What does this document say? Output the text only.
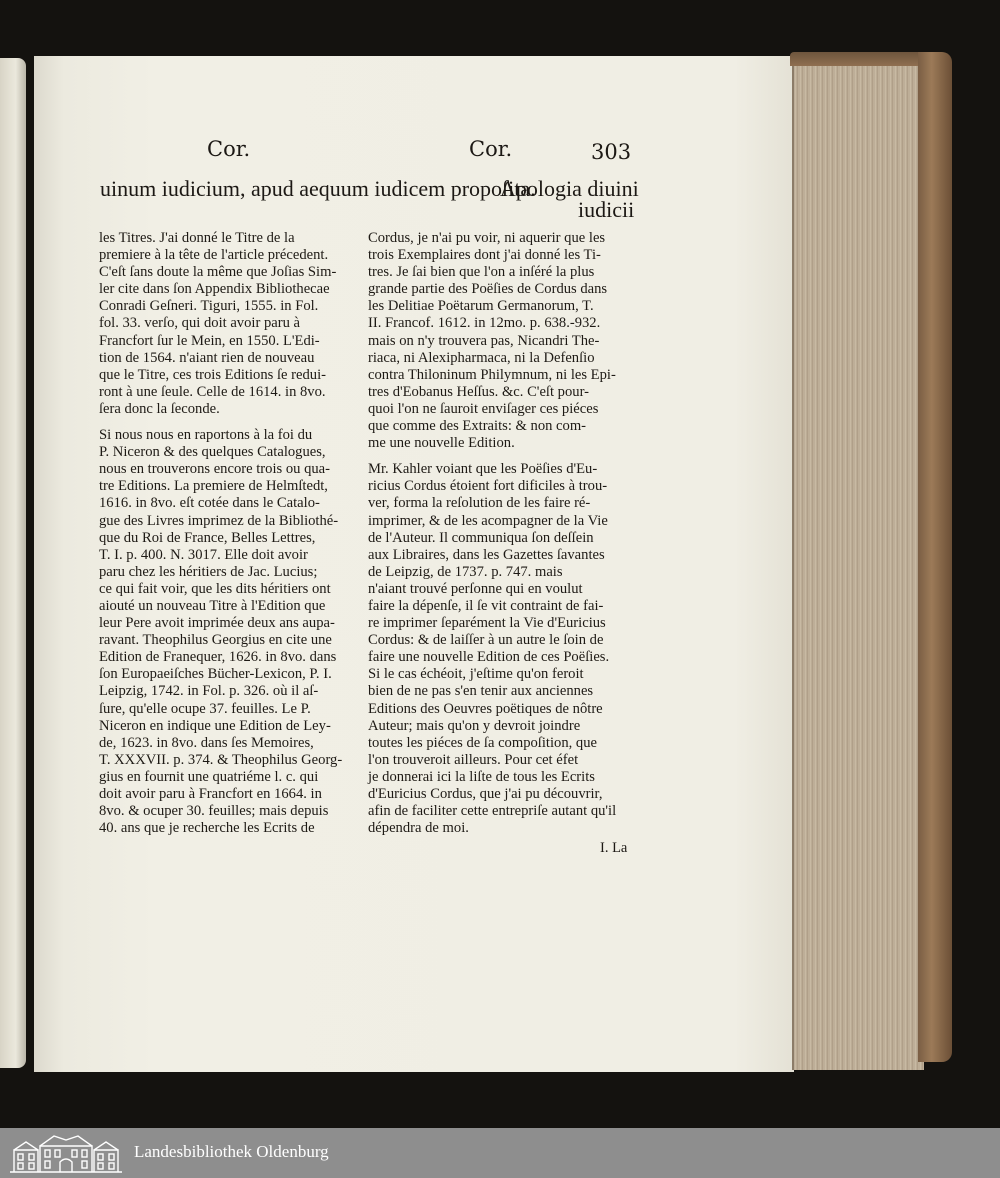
Cor.	Cor.	303
uinum iudicium, apud aequum iudicem propoſita.
Apologia diuini
iudicii
les Titres. J'ai donné le Titre de la
premiere à la tête de l'article précedent.
C'eſt ſans doute la même que Joſias Sim-
ler cite dans ſon Appendix Bibliothecae
Conradi Geſneri. Tiguri, 1555. in Fol.
fol. 33. verſo, qui doit avoir paru à
Francfort ſur le Mein, en 1550. L'Edi-
tion de 1564. n'aiant rien de nouveau
que le Titre, ces trois Editions ſe redui-
ront à une ſeule. Celle de 1614. in 8vo.
ſera donc la ſeconde.
Si nous nous en raportons à la foi du
P. Niceron & des quelques Catalogues,
nous en trouverons encore trois ou qua-
tre Editions. La premiere de Helmſtedt,
1616. in 8vo. eſt cotée dans le Catalo-
gue des Livres imprimez de la Bibliothé-
que du Roi de France, Belles Lettres,
T. I. p. 400. N. 3017. Elle doit avoir
paru chez les héritiers de Jac. Lucius;
ce qui fait voir, que les dits héritiers ont
aiouté un nouveau Titre à l'Edition que
leur Pere avoit imprimée deux ans aupa-
ravant. Theophilus Georgius en cite une
Edition de Franequer, 1626. in 8vo. dans
ſon Europaeiſches Bücher-Lexicon, P. I.
Leipzig, 1742. in Fol. p. 326. où il aſ-
ſure, qu'elle ocupe 37. feuilles. Le P.
Niceron en indique une Edition de Ley-
de, 1623. in 8vo. dans ſes Memoires,
T. XXXVII. p. 374. & Theophilus Georg-
gius en fournit une quatriéme l. c. qui
doit avoir paru à Francfort en 1664. in
8vo. & ocuper 30. feuilles; mais depuis
40. ans que je recherche les Ecrits de
Cordus, je n'ai pu voir, ni aquerir que les
trois Exemplaires dont j'ai donné les Ti-
tres. Je ſai bien que l'on a inſéré la plus
grande partie des Poëſies de Cordus dans
les Delitiae Poëtarum Germanorum, T.
II. Francof. 1612. in 12mo. p. 638.-932.
mais on n'y trouvera pas, Nicandri The-
riaca, ni Alexipharmaca, ni la Defenſio
contra Thiloninum Philymnum, ni les Epi-
tres d'Eobanus Heſſus. &c. C'eſt pour-
quoi l'on ne ſauroit enviſager ces piéces
que comme des Extraits: & non com-
me une nouvelle Edition.
Mr. Kahler voiant que les Poëſies d'Eu-
ricius Cordus étoient fort dificiles à trou-
ver, forma la reſolution de les faire ré-
imprimer, & de les acompagner de la Vie
de l'Auteur. Il communiqua ſon deſſein
aux Libraires, dans les Gazettes ſavantes
de Leipzig, de 1737. p. 747. mais
n'aiant trouvé perſonne qui en voulut
faire la dépenſe, il ſe vit contraint de fai-
re imprimer ſeparément la Vie d'Euricius
Cordus: & de laiſſer à un autre le ſoin de
faire une nouvelle Edition de ces Poëſies.
Si le cas échéoit, j'eſtime qu'on feroit
bien de ne pas s'en tenir aux anciennes
Editions des Oeuvres poëtiques de nôtre
Auteur; mais qu'on y devroit joindre
toutes les piéces de ſa compoſition, que
l'on trouveroit ailleurs. Pour cet éfet
je donnerai ici la liſte de tous les Ecrits
d'Euricius Cordus, que j'ai pu découvrir,
afin de faciliter cette entrepriſe autant qu'il
dépendra de moi.
I. La
Landesbibliothek Oldenburg
